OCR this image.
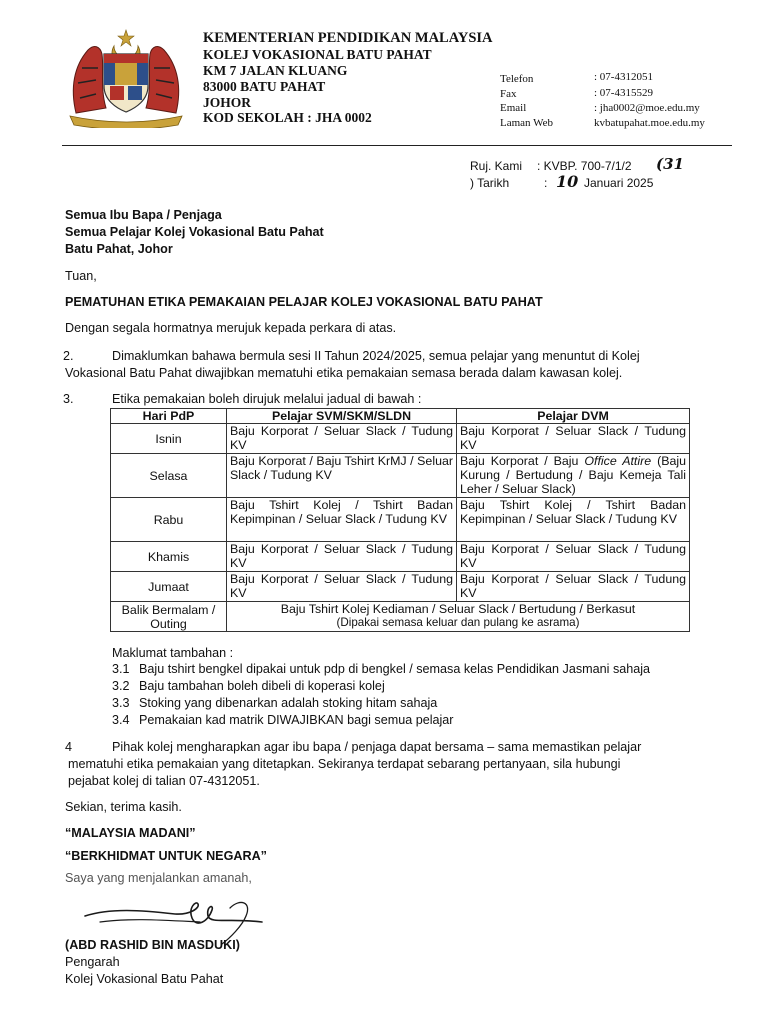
KEMENTERIAN PENDIDIKAN MALAYSIA
KOLEJ VOKASIONAL BATU PAHAT
KM 7 JALAN KLUANG
83000 BATU PAHAT
JOHOR
KOD SEKOLAH : JHA 0002
Telefon	: 07-4312051
Fax	: 07-4315529
Email	: jha0002@moe.edu.my
Laman Web	kvbatupahat.moe.edu.my
Ruj. Kami : KVBP. 700-7/1/2 (31
) Tarikh	: 10 Januari 2025
Semua Ibu Bapa / Penjaga
Semua Pelajar Kolej Vokasional Batu Pahat
Batu Pahat, Johor
Tuan,
PEMATUHAN ETIKA PEMAKAIAN PELAJAR KOLEJ VOKASIONAL BATU PAHAT
Dengan segala hormatnya merujuk kepada perkara di atas.
2.	Dimaklumkan bahawa bermula sesi II Tahun 2024/2025, semua pelajar yang menuntut di Kolej
Vokasional Batu Pahat diwajibkan mematuhi etika pemakaian semasa berada dalam kawasan kolej.
3.	Etika pemakaian boleh dirujuk melalui jadual di bawah :
Hari PdP	Pelajar SVM/SKM/SLDN	Pelajar DVM
Isnin	Baju Korporat / Seluar Slack / Tudung KV	Baju Korporat / Seluar Slack / Tudung KV
Selasa	Baju Korporat / Baju Tshirt KrMJ / Seluar Slack / Tudung KV	Baju Korporat / Baju Office Attire (Baju Kurung / Bertudung / Baju Kemeja Tali Leher / Seluar Slack)
Rabu	Baju Tshirt Kolej / Tshirt Badan Kepimpinan / Seluar Slack / Tudung KV	Baju Tshirt Kolej / Tshirt Badan Kepimpinan / Seluar Slack / Tudung KV
Khamis	Baju Korporat / Seluar Slack / Tudung KV	Baju Korporat / Seluar Slack / Tudung KV
Jumaat	Baju Korporat / Seluar Slack / Tudung KV	Baju Korporat / Seluar Slack / Tudung KV
Balik Bermalam / Outing	Baju Tshirt Kolej Kediaman / Seluar Slack / Bertudung / Berkasut
(Dipakai semasa keluar dan pulang ke asrama)	
Maklumat tambahan :
3.1 Baju tshirt bengkel dipakai untuk pdp di bengkel / semasa kelas Pendidikan Jasmani sahaja
3.2 Baju tambahan boleh dibeli di koperasi kolej
3.3 Stoking yang dibenarkan adalah stoking hitam sahaja
3.4 Pemakaian kad matrik DIWAJIBKAN bagi semua pelajar
4	Pihak kolej mengharapkan agar ibu bapa / penjaga dapat bersama – sama memastikan pelajar
mematuhi etika pemakaian yang ditetapkan. Sekiranya terdapat sebarang pertanyaan, sila hubungi
pejabat kolej di talian 07-4312051.
Sekian, terima kasih.
“MALAYSIA MADANI”
“BERKHIDMAT UNTUK NEGARA”
Saya yang menjalankan amanah,
(ABD RASHID BIN MASDUKI)
Pengarah
Kolej Vokasional Batu Pahat
